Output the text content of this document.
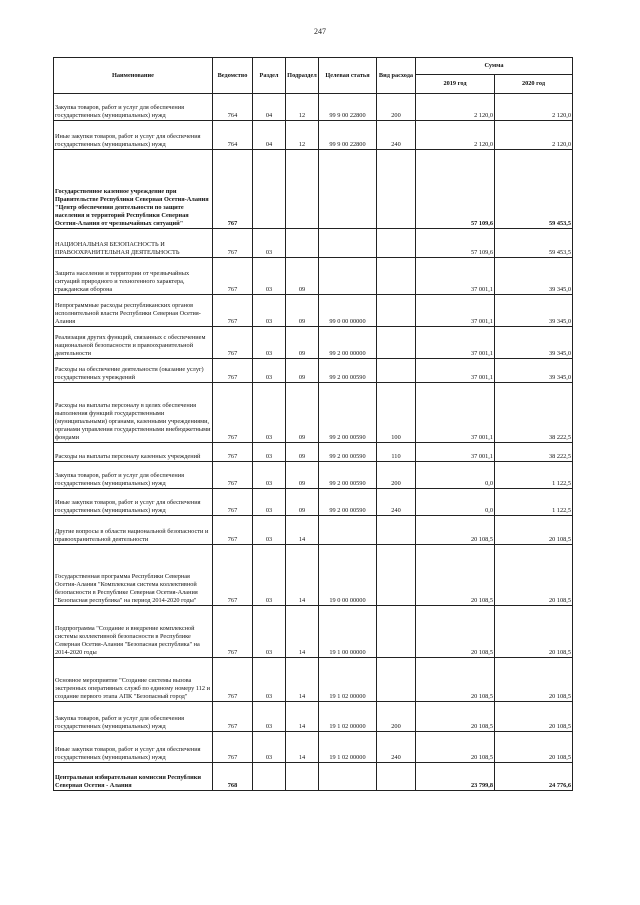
247
Наименование	Ведомство	Раздел	Подраздел	Целевая статья	Вид расхода	Сумма	
						2019 год	2020 год
Закупка товаров, работ и услуг для обеспечения государственных (муниципальных) нужд	764	04	12	99 9 00 22800	200	2 120,0	2 120,0
Иные закупки товаров, работ и услуг для обеспечения государственных (муниципальных) нужд	764	04	12	99 9 00 22800	240	2 120,0	2 120,0
Государственное казенное учреждение при Правительстве Республики Северная Осетия-Алания "Центр обеспечения деятельности по защите населения и территорий Республики Северная Осетия-Алания от чрезвычайных ситуаций"	767					57 109,6	59 453,5
НАЦИОНАЛЬНАЯ БЕЗОПАСНОСТЬ И ПРАВООХРАНИТЕЛЬНАЯ ДЕЯТЕЛЬНОСТЬ	767	03				57 109,6	59 453,5
Защита населения и территории от чрезвычайных ситуаций природного и техногенного характера, гражданская оборона	767	03	09			37 001,1	39 345,0
Непрограммные расходы республиканских органов исполнительной власти Республики Северная Осетия-Алания	767	03	09	99 0 00 00000		37 001,1	39 345,0
Реализация других функций, связанных с обеспечением национальной безопасности и правоохранительной деятельности	767	03	09	99 2 00 00000		37 001,1	39 345,0
Расходы на обеспечение деятельности (оказание услуг) государственных учреждений	767	03	09	99 2 00 00590		37 001,1	39 345,0
Расходы на выплаты персоналу в целях обеспечения выполнения функций государственными (муниципальными) органами, казенными учреждениями, органами управления государственными внебюджетными фондами	767	03	09	99 2 00 00590	100	37 001,1	38 222,5
Расходы на выплаты персоналу казенных учреждений	767	03	09	99 2 00 00590	110	37 001,1	38 222,5
Закупка товаров, работ и услуг для обеспечения государственных (муниципальных) нужд	767	03	09	99 2 00 00590	200	0,0	1 122,5
Иные закупки товаров, работ и услуг для обеспечения государственных (муниципальных) нужд	767	03	09	99 2 00 00590	240	0,0	1 122,5
Другие вопросы в области национальной безопасности и правоохранительной деятельности	767	03	14			20 108,5	20 108,5
Государственная программа Республики Северная Осетия-Алания "Комплексная система коллективной безопасности в Республике Северная Осетия-Алания "Безопасная республика" на период 2014-2020 годы"	767	03	14	19 0 00 00000		20 108,5	20 108,5
Подпрограмма "Создание и внедрение комплексной системы коллективной безопасности в Республике Северная Осетия-Алания "Безопасная республика" на 2014-2020 годы	767	03	14	19 1 00 00000		20 108,5	20 108,5
Основное мероприятие "Создание системы вызова экстренных оперативных служб по единому номеру 112 и создание первого этапа АПК "Безопасный город"	767	03	14	19 1 02 00000		20 108,5	20 108,5
Закупка товаров, работ и услуг для обеспечения государственных (муниципальных) нужд	767	03	14	19 1 02 00000	200	20 108,5	20 108,5
Иные закупки товаров, работ и услуг для обеспечения государственных (муниципальных) нужд	767	03	14	19 1 02 00000	240	20 108,5	20 108,5
Центральная избирательная комиссия Республики Северная Осетия - Алания	768					23 799,8	24 776,6
